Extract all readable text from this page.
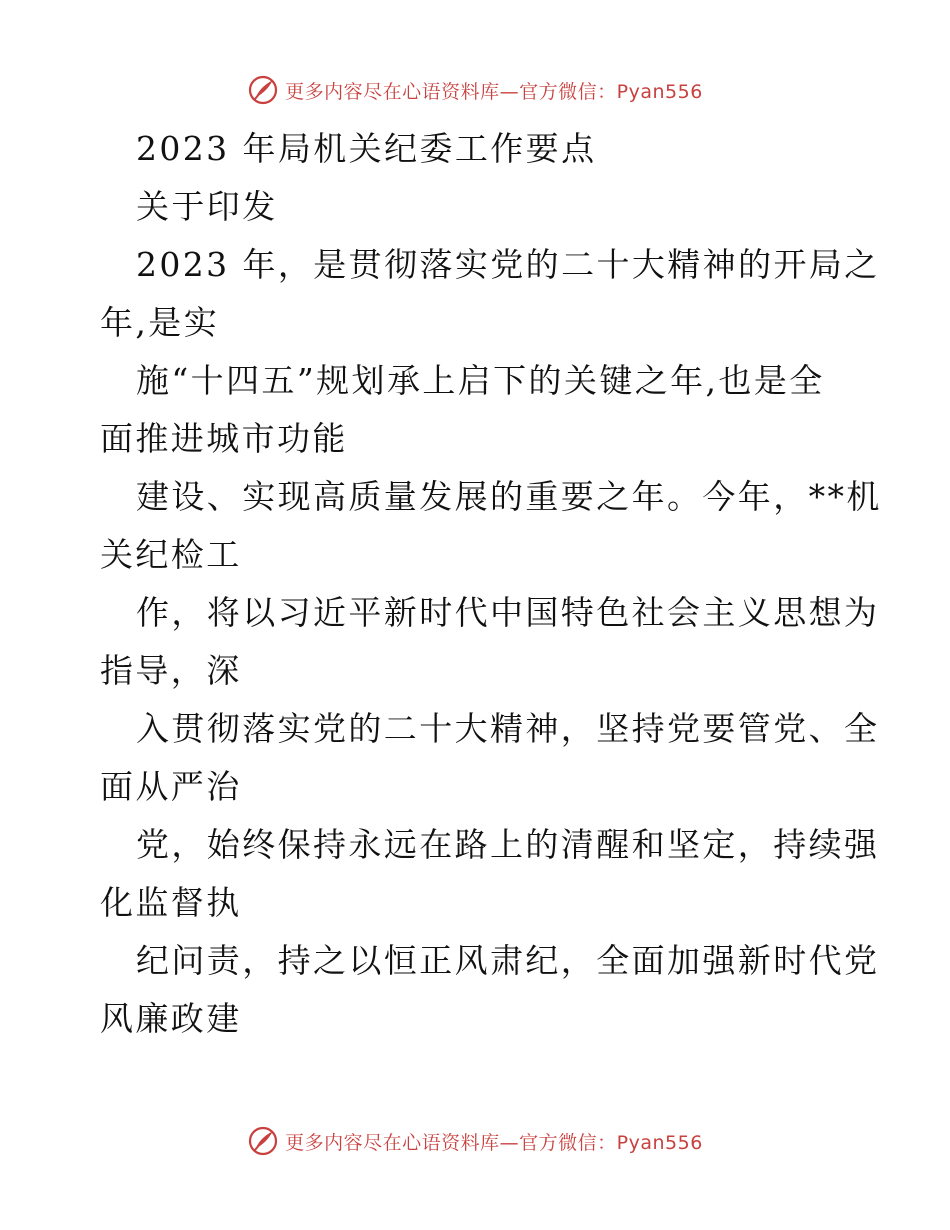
更多内容尽在心语资料库—官方微信：Pyan556
2023 年局机关纪委工作要点
关于印发
2023 年，是贯彻落实党的二十大精神的开局之
年,是实
施“十四五”规划承上启下的关键之年,也是全
面推进城市功能
建设、实现高质量发展的重要之年。今年，**机
关纪检工
作，将以习近平新时代中国特色社会主义思想为
指导，深
入贯彻落实党的二十大精神，坚持党要管党、全
面从严治
党，始终保持永远在路上的清醒和坚定，持续强
化监督执
纪问责，持之以恒正风肃纪，全面加强新时代党
风廉政建
更多内容尽在心语资料库—官方微信：Pyan556
